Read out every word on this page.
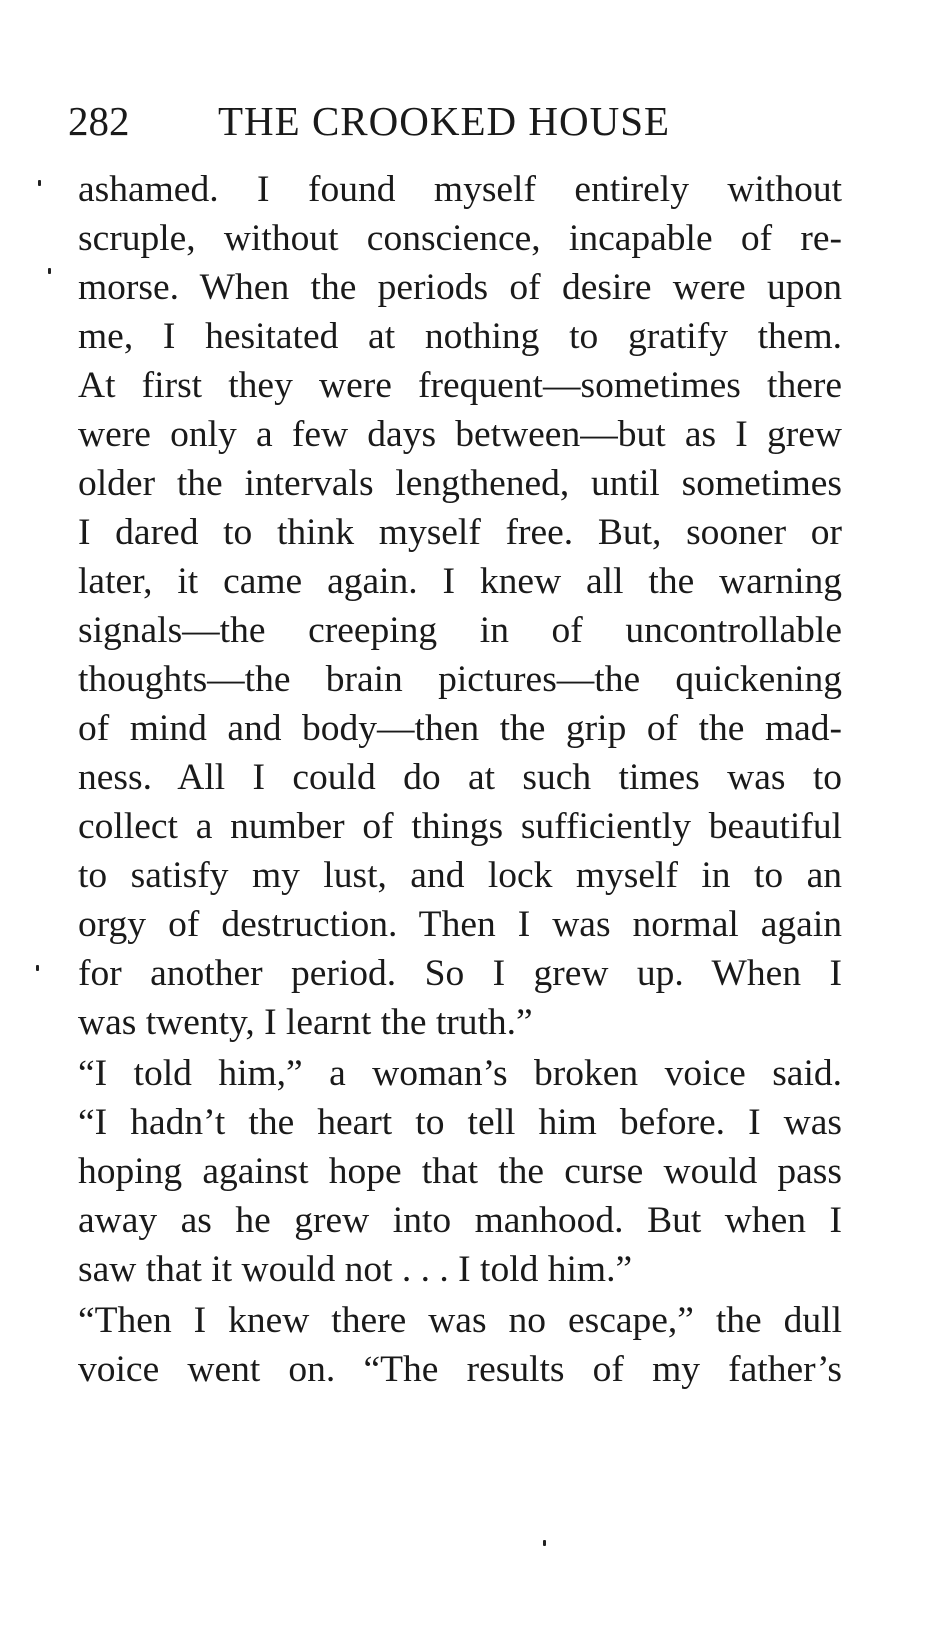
282 THE CROOKED HOUSE
ashamed. I found myself entirely without
scruple, without conscience, incapable of re-
morse. When the periods of desire were upon
me, I hesitated at nothing to gratify them.
At first they were frequent—sometimes there
were only a few days between—but as I grew
older the intervals lengthened, until sometimes
I dared to think myself free. But, sooner or
later, it came again. I knew all the warning
signals—the creeping in of uncontrollable
thoughts—the brain pictures—the quickening
of mind and body—then the grip of the mad-
ness. All I could do at such times was to
collect a number of things sufficiently beautiful
to satisfy my lust, and lock myself in to an
orgy of destruction. Then I was normal again
for another period. So I grew up. When I
was twenty, I learnt the truth.”
“I told him,” a woman’s broken voice said.
“I hadn’t the heart to tell him before. I was
hoping against hope that the curse would pass
away as he grew into manhood. But when I
saw that it would not . . . I told him.”
“Then I knew there was no escape,” the dull
voice went on. “The results of my father’s
